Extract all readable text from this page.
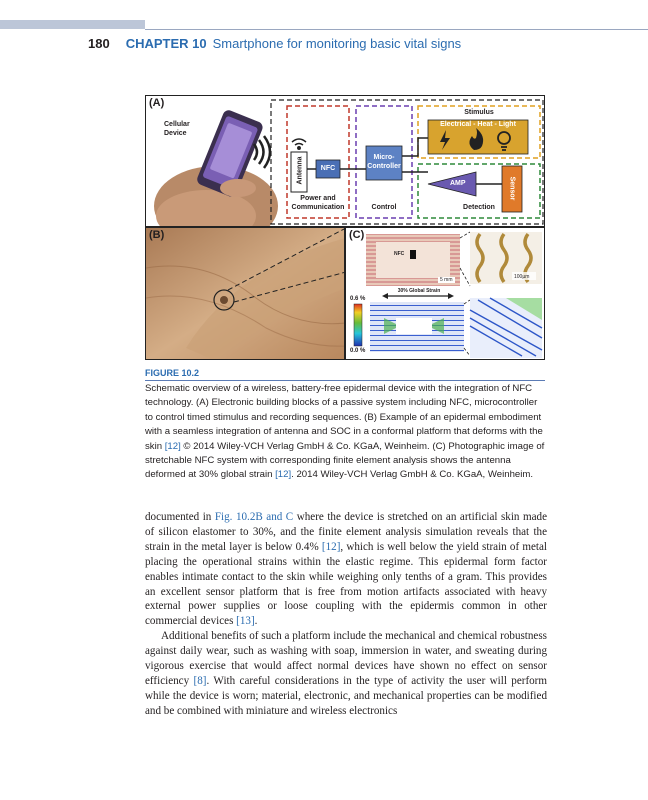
180 CHAPTER 10 Smartphone for monitoring basic vital signs
(A)
Cellular
Device
Antenna	NFC
Power and
Communication
Micro-
Controller
Control
Stimulus
Electrical - Heat - Light
AMP	Sensor
Detection
(B)	(C)
NFC
5 mm	100µm
30% Global Strain
0.6 %
0.0 %
FIGURE 10.2
Schematic overview of a wireless, battery-free epidermal device with the integration of NFC technology. (A) Electronic building blocks of a passive system including NFC, microcontroller to control timed stimulus and recording sequences. (B) Example of an epidermal embodiment with a seamless integration of antenna and SOC in a conformal platform that deforms with the skin [12] © 2014 Wiley-VCH Verlag GmbH & Co. KGaA, Weinheim. (C) Photographic image of stretchable NFC system with corresponding finite element analysis shows the antenna deformed at 30% global strain [12]. 2014 Wiley-VCH Verlag GmbH & Co. KGaA, Weinheim.

documented in Fig. 10.2B and C where the device is stretched on an artificial skin made of silicon elastomer to 30%, and the finite element analysis simulation reveals that the strain in the metal layer is below 0.4% [12], which is well below the yield strain of metal placing the operational strains within the elastic regime. This epidermal form factor enables intimate contact to the skin while weighing only tenths of a gram. This provides an excellent sensor platform that is free from motion artifacts associated with heavy external power supplies or loose coupling with the epidermis common in other commercial devices [13].

Additional benefits of such a platform include the mechanical and chemical robustness against daily wear, such as washing with soap, immersion in water, and sweating during vigorous exercise that would affect normal devices have shown no effect on sensor efficiency [8]. With careful considerations in the type of activity the user will perform while the device is worn; material, electronic, and mechanical properties can be modified and be combined with miniature and wireless electronics
